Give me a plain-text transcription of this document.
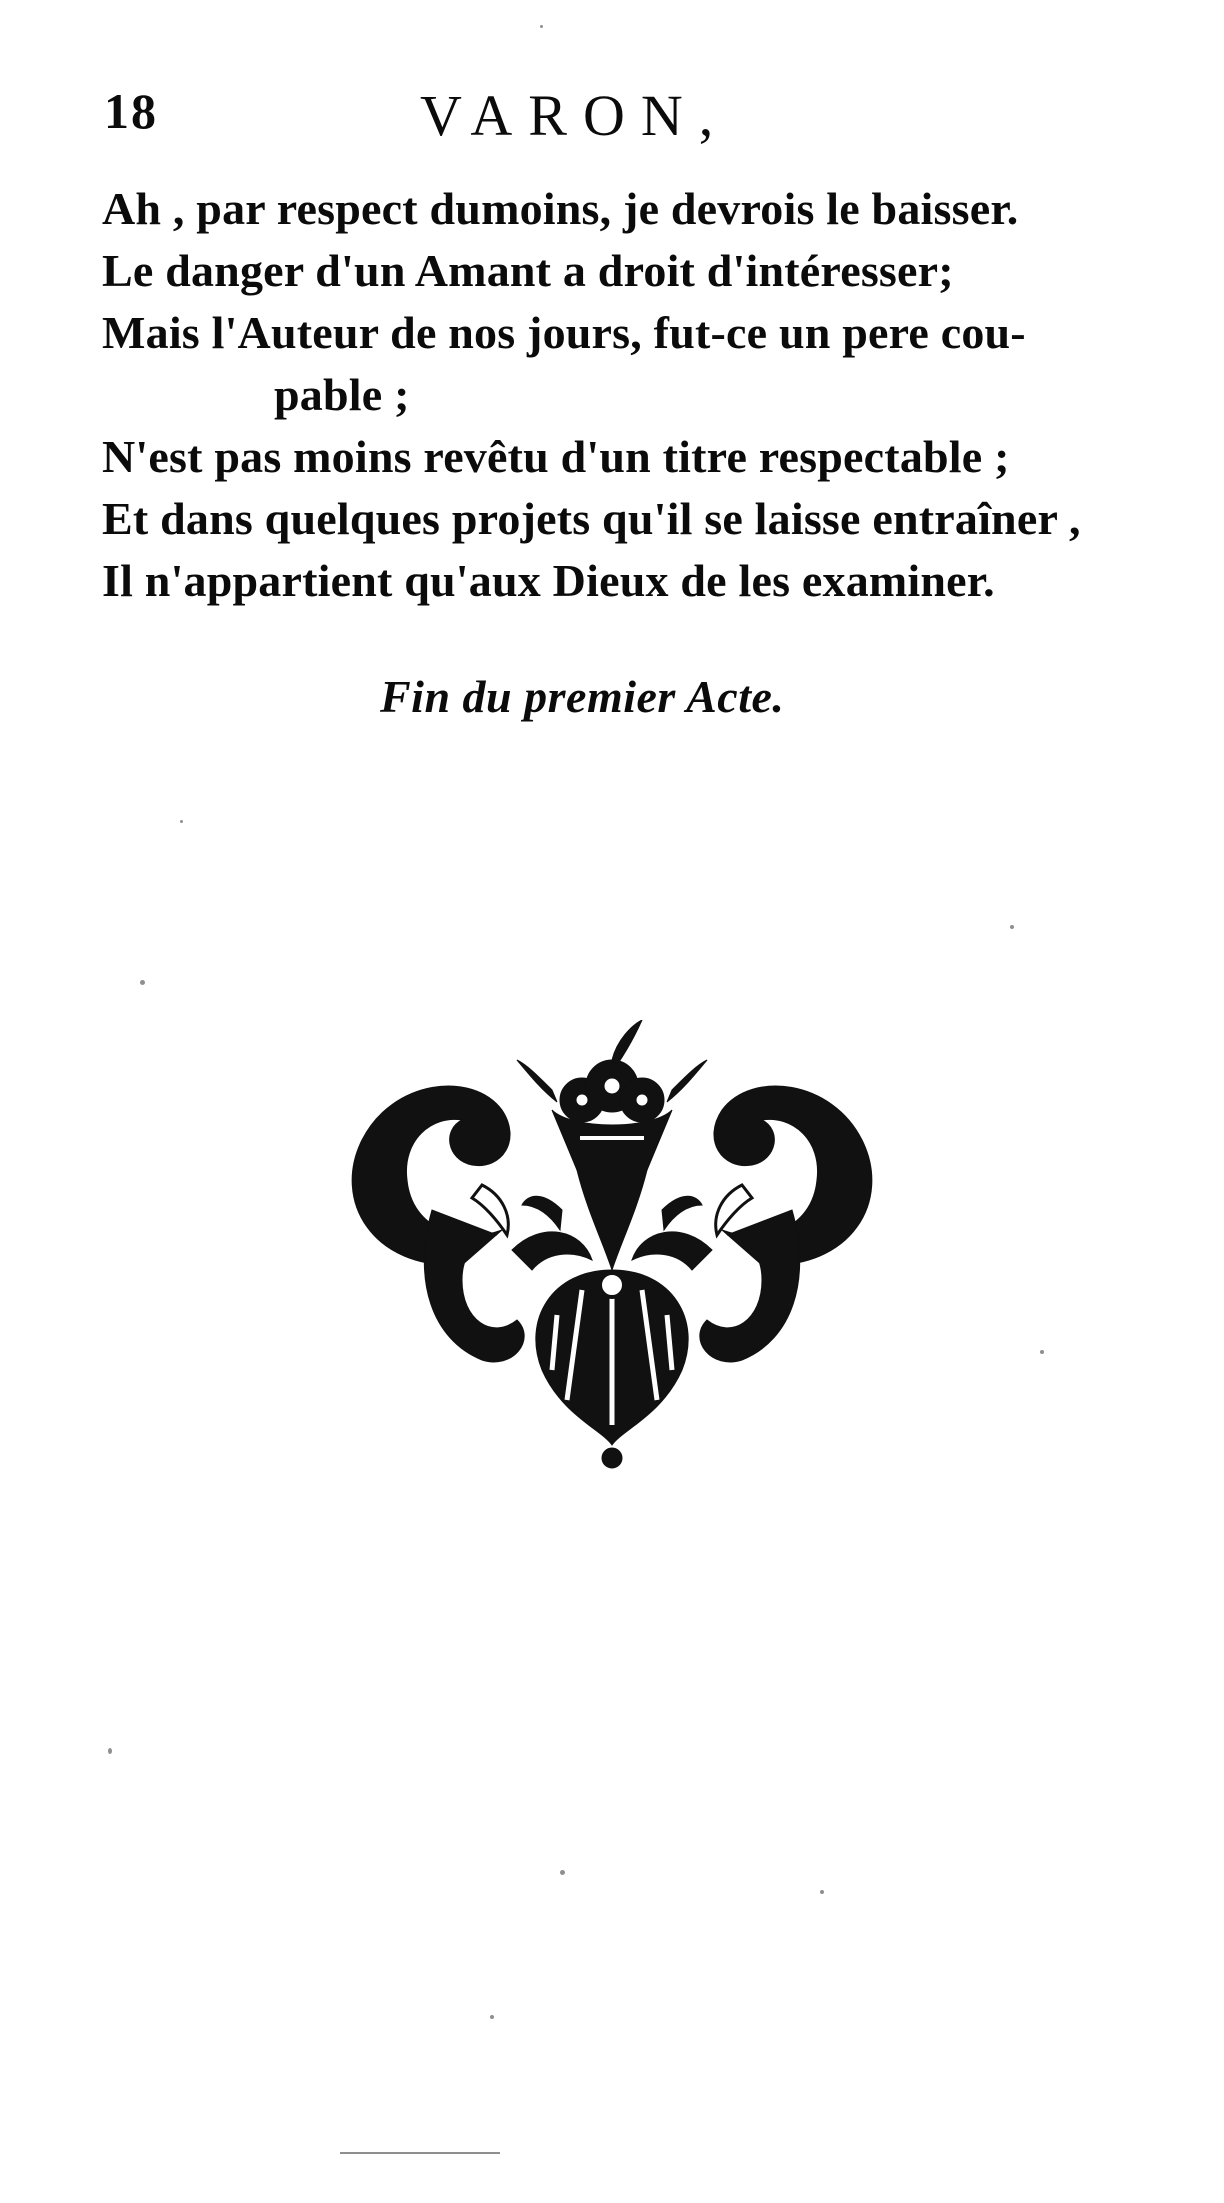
18	VARON,
Ah , par respect dumoins, je devrois le baisser.
Le danger d'un Amant a droit d'intéresser;
Mais l'Auteur de nos jours, fut-ce un pere cou-
pable ;
N'est pas moins revêtu d'un titre respectable ;
Et dans quelques projets qu'il se laisse entraîner ,
Il n'appartient qu'aux Dieux de les examiner.
Fin du premier Acte.
